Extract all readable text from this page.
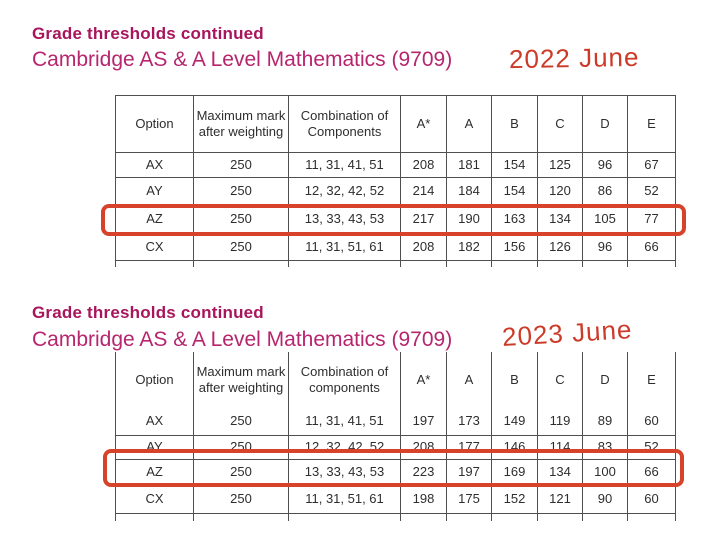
Grade thresholds continued
Cambridge AS & A Level Mathematics (9709) 2022 June
Option	Maximum mark after weighting	Combination of Components	A*	A	B	C	D	E
AX	250	11, 31, 41, 51	208	181	154	125	96	67
AY	250	12, 32, 42, 52	214	184	154	120	86	52
AZ	250	13, 33, 43, 53	217	190	163	134	105	77
CX	250	11, 31, 51, 61	208	182	156	126	96	66

Grade thresholds continued
Cambridge AS & A Level Mathematics (9709) 2023 June
Option	Maximum mark after weighting	Combination of components	A*	A	B	C	D	E
AX	250	11, 31, 41, 51	197	173	149	119	89	60
AY	250	12, 32, 42, 52	208	177	146	114	83	52
AZ	250	13, 33, 43, 53	223	197	169	134	100	66
CX	250	11, 31, 51, 61	198	175	152	121	90	60
